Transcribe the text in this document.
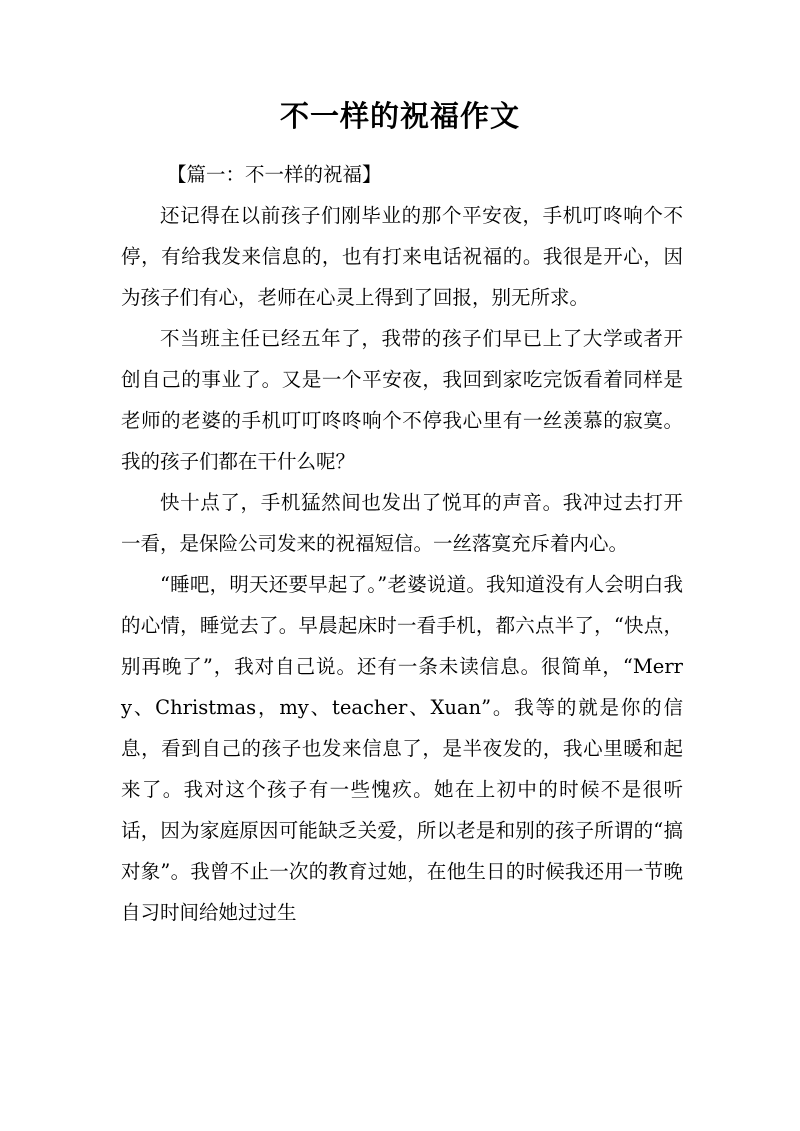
不一样的祝福作文

【篇一：不一样的祝福】

还记得在以前孩子们刚毕业的那个平安夜，手机叮咚响个不停，有给我发来信息的，也有打来电话祝福的。我很是开心，因为孩子们有心，老师在心灵上得到了回报，别无所求。

不当班主任已经五年了，我带的孩子们早已上了大学或者开创自己的事业了。又是一个平安夜，我回到家吃完饭看着同样是老师的老婆的手机叮叮咚咚响个不停我心里有一丝羡慕的寂寞。我的孩子们都在干什么呢？

快十点了，手机猛然间也发出了悦耳的声音。我冲过去打开一看，是保险公司发来的祝福短信。一丝落寞充斥着内心。

“睡吧，明天还要早起了。”老婆说道。我知道没有人会明白我的心情，睡觉去了。早晨起床时一看手机，都六点半了，“快点，别再晚了”，我对自己说。还有一条未读信息。很简单，“Merry、Christmas，my、teacher、Xuan”。我等的就是你的信息，看到自己的孩子也发来信息了，是半夜发的，我心里暖和起来了。我对这个孩子有一些愧疚。她在上初中的时候不是很听话，因为家庭原因可能缺乏关爱，所以老是和别的孩子所谓的“搞对象”。我曾不止一次的教育过她，在他生日的时候我还用一节晚自习时间给她过过生
